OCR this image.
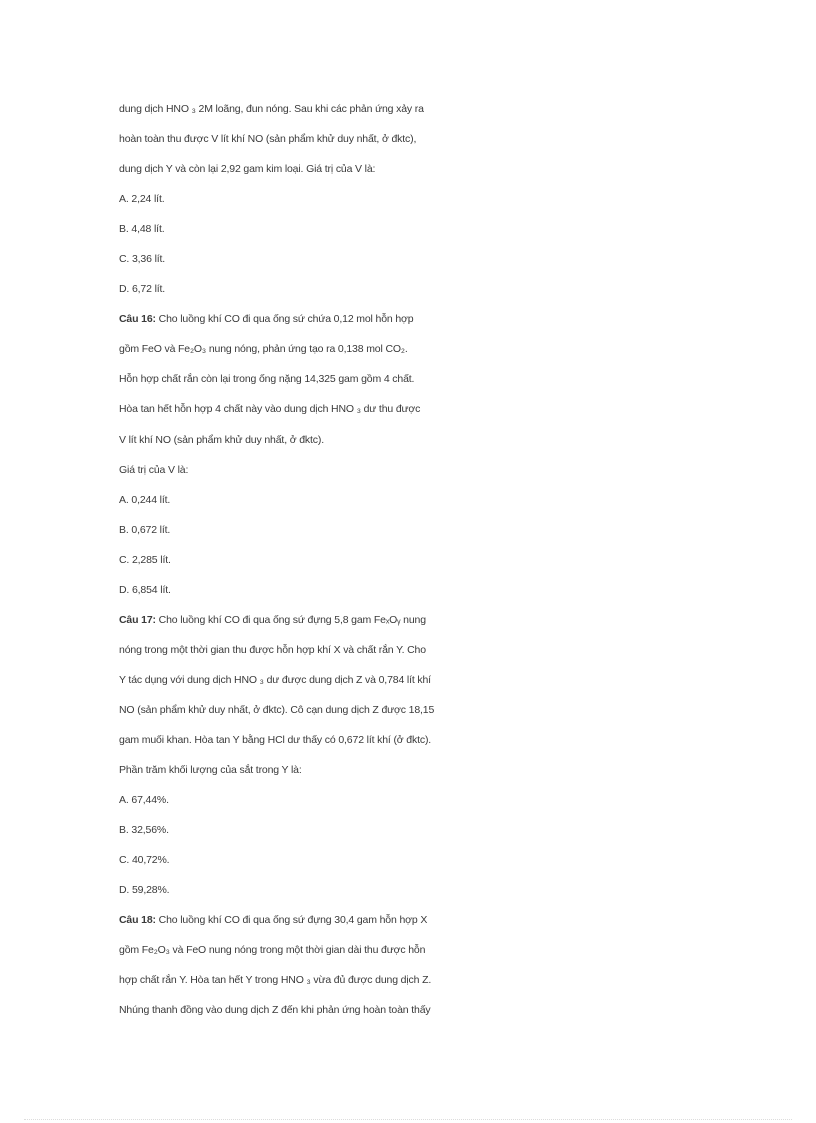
dung dịch HNO ₃ 2M loãng, đun nóng. Sau khi các phản ứng xảy ra
hoàn toàn thu được V lít khí NO (sản phẩm khử duy nhất, ở đktc),
dung dịch Y và còn lại 2,92 gam kim loại. Giá trị của V là:
A. 2,24 lít.
B. 4,48 lít.
C. 3,36 lít.
D. 6,72 lít.
Câu 16: Cho luồng khí CO đi qua ống sứ chứa 0,12 mol hỗn hợp
gồm FeO và Fe₂O₃ nung nóng, phản ứng tạo ra 0,138 mol CO₂.
Hỗn hợp chất rắn còn lại trong ống nặng 14,325 gam gồm 4 chất.
Hòa tan hết hỗn hợp 4 chất này vào dung dịch HNO ₃ dư thu được
V lít khí NO (sản phẩm khử duy nhất, ở đktc).
Giá trị của V là:
A. 0,244 lít.
B. 0,672 lít.
C. 2,285 lít.
D. 6,854 lít.
Câu 17: Cho luồng khí CO đi qua ống sứ đựng 5,8 gam FeₓOᵧ nung
nóng trong một thời gian thu được hỗn hợp khí X và chất rắn Y. Cho
Y tác dụng với dung dịch HNO ₃ dư được dung dịch Z và 0,784 lít khí
NO (sản phẩm khử duy nhất, ở đktc). Cô cạn dung dịch Z được 18,15
gam muối khan. Hòa tan Y bằng HCl dư thấy có 0,672 lít khí (ở đktc).
Phần trăm khối lượng của sắt trong Y là:
A. 67,44%.
B. 32,56%.
C. 40,72%.
D. 59,28%.
Câu 18: Cho luồng khí CO đi qua ống sứ đựng 30,4 gam hỗn hợp X
gồm Fe₂O₃ và FeO nung nóng trong một thời gian dài thu được hỗn
hợp chất rắn Y. Hòa tan hết Y trong HNO ₃ vừa đủ được dung dịch Z.
Nhúng thanh đồng vào dung dịch Z đến khi phản ứng hoàn toàn thấy
